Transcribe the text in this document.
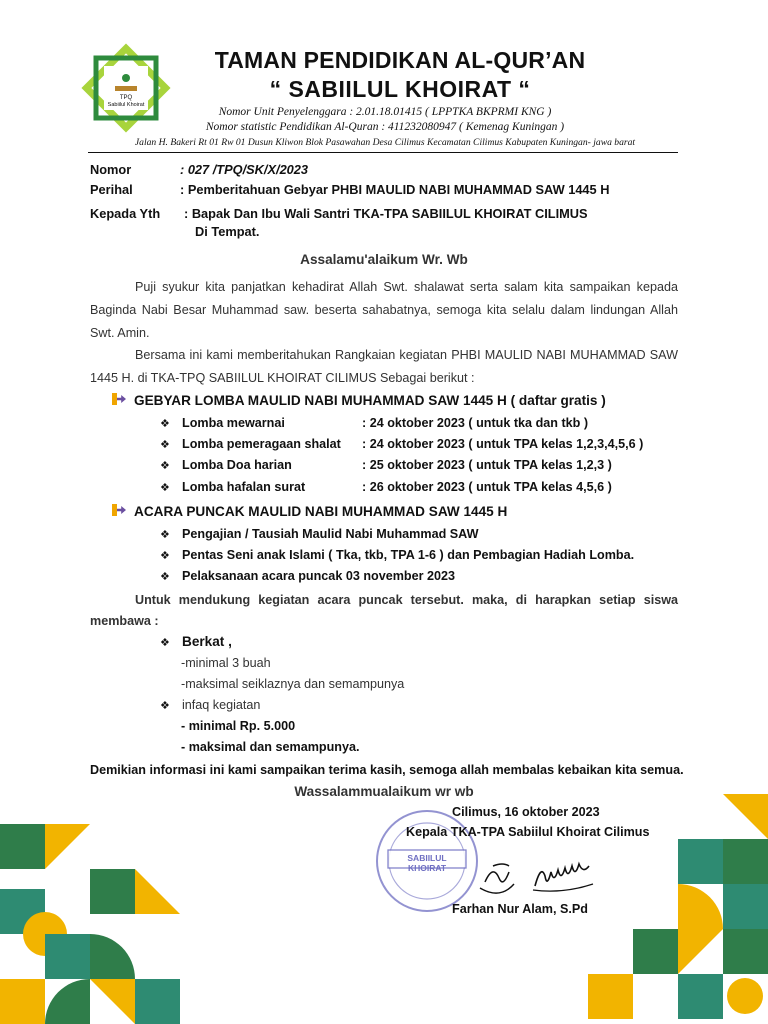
TPQ
Sabiilul Khoirat
TAMAN PENDIDIKAN AL-QUR’AN
“ SABIILUL KHOIRAT “
Nomor Unit Penyelenggara : 2.01.18.01415 ( LPPTKA BKPRMI KNG )
Nomor statistic Pendidikan Al-Quran : 411232080947 ( Kemenag Kuningan )
Jalan H. Bakeri Rt 01 Rw 01 Dusun Kliwon Blok Pasawahan Desa Cilimus Kecamatan Cilimus Kabupaten Kuningan- jawa barat
Nomor	: 027 /TPQ/SK/X/2023
Perihal	: Pemberitahuan Gebyar PHBI MAULID NABI MUHAMMAD SAW 1445 H
Kepada Yth : Bapak Dan Ibu Wali Santri TKA-TPA SABIILUL KHOIRAT CILIMUS
Di Tempat.
Assalamu'alaikum Wr. Wb
Puji syukur kita panjatkan kehadirat Allah Swt. shalawat serta salam kita sampaikan kepada Baginda Nabi Besar Muhammad saw. beserta sahabatnya, semoga kita selalu dalam lindungan Allah Swt. Amin.
Bersama ini kami memberitahukan Rangkaian kegiatan PHBI MAULID NABI MUHAMMAD SAW 1445 H. di TKA-TPQ SABIILUL KHOIRAT CILIMUS Sebagai berikut :
GEBYAR LOMBA MAULID NABI MUHAMMAD SAW 1445 H ( daftar gratis )
❖ Lomba mewarnai	: 24 oktober 2023 ( untuk tka dan tkb )
❖ Lomba pemeragaan shalat : 24 oktober 2023 ( untuk TPA kelas 1,2,3,4,5,6 )
❖ Lomba Doa harian	: 25 oktober 2023 ( untuk TPA kelas 1,2,3 )
❖ Lomba hafalan surat	: 26 oktober 2023 ( untuk TPA kelas 4,5,6 )
ACARA PUNCAK MAULID NABI MUHAMMAD SAW 1445 H
❖ Pengajian / Tausiah Maulid Nabi Muhammad SAW
❖ Pentas Seni anak Islami ( Tka, tkb, TPA 1-6 ) dan Pembagian Hadiah Lomba.
❖ Pelaksanaan acara puncak 03 november 2023
Untuk mendukung kegiatan acara puncak tersebut. maka, di harapkan setiap siswa membawa :
❖ Berkat ,
-minimal 3 buah
-maksimal seiklaznya dan semampunya
❖ infaq kegiatan
- minimal Rp. 5.000
- maksimal dan semampunya.
Demikian informasi ini kami sampaikan terima kasih, semoga allah membalas kebaikan kita semua.
Wassalammualaikum wr wb
SABIILUL KHOIRAT
Cilimus, 16 oktober 2023
Kepala TKA-TPA Sabiilul Khoirat Cilimus
Farhan Nur Alam, S.Pd
